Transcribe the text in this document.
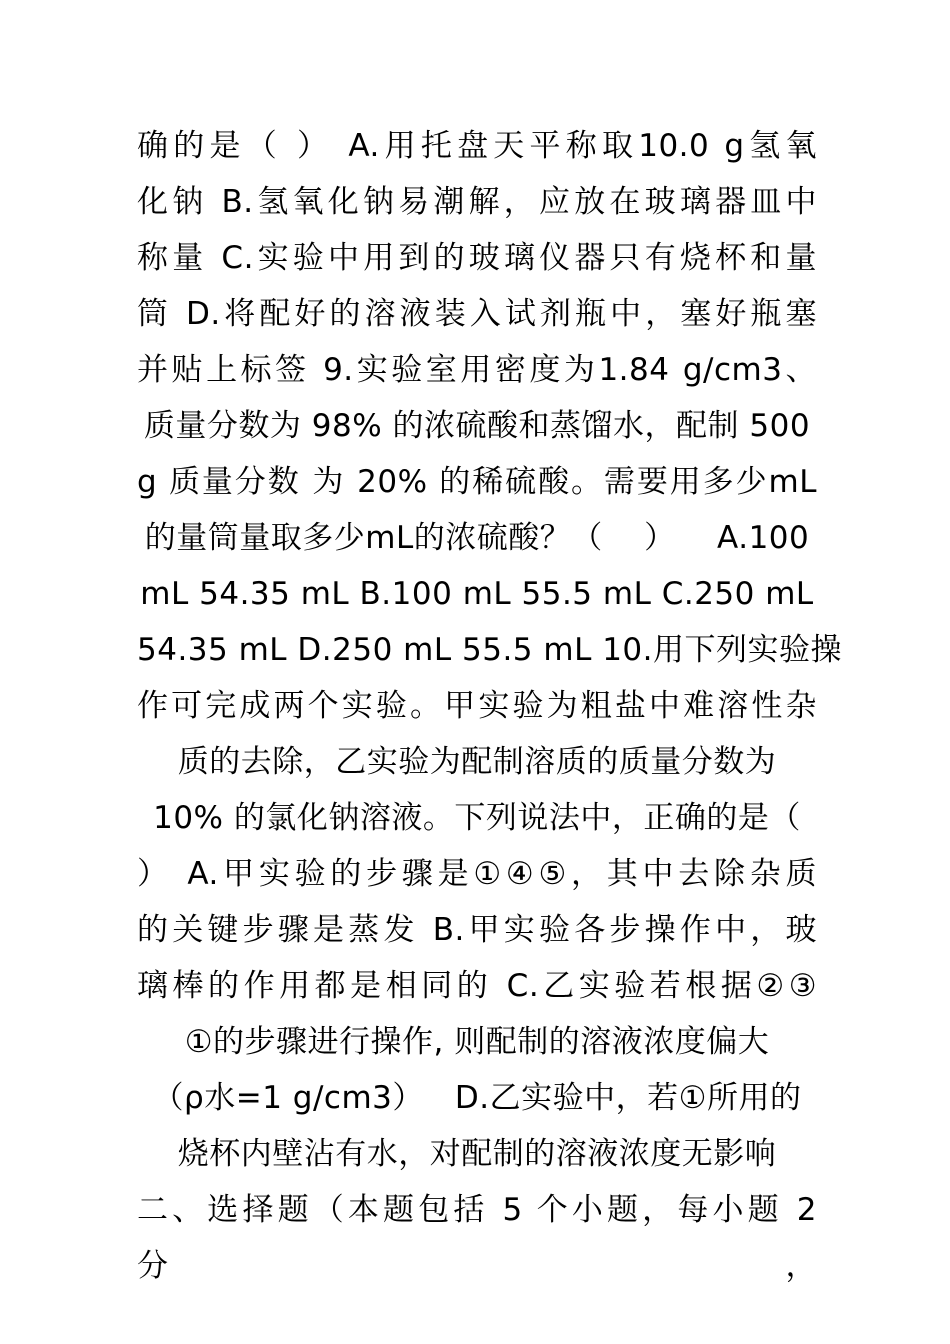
确的是（ ） A.用托盘天平称取10.0 g氢氧
化钠 B.氢氧化钠易潮解，应放在玻璃器皿中
称量 C.实验中用到的玻璃仪器只有烧杯和量
筒 D.将配好的溶液装入试剂瓶中，塞好瓶塞
并贴上标签 9.实验室用密度为1.84 g/cm3、
质量分数为 98% 的浓硫酸和蒸馏水，配制 500
g 质量分数 为 20% 的稀硫酸。需要用多少mL
的量筒量取多少mL的浓硫酸？（    ）    A.100
mL 54.35 mL B.100 mL 55.5 mL C.250 mL
54.35 mL D.250 mL 55.5 mL 10.用下列实验操
作可完成两个实验。甲实验为粗盐中难溶性杂
质的去除，乙实验为配制溶质的质量分数为
10% 的氯化钠溶液。下列说法中，正确的是（
） A.甲实验的步骤是①④⑤，其中去除杂质
的关键步骤是蒸发 B.甲实验各步操作中，玻
璃棒的作用都是相同的 C.乙实验若根据②③
①的步骤进行操作, 则配制的溶液浓度偏大
（ρ水=1 g/cm3）   D.乙实验中，若①所用的
烧杯内壁沾有水，对配制的溶液浓度无影响
二、选择题（本题包括 5 个小题，每小题 2 分，
